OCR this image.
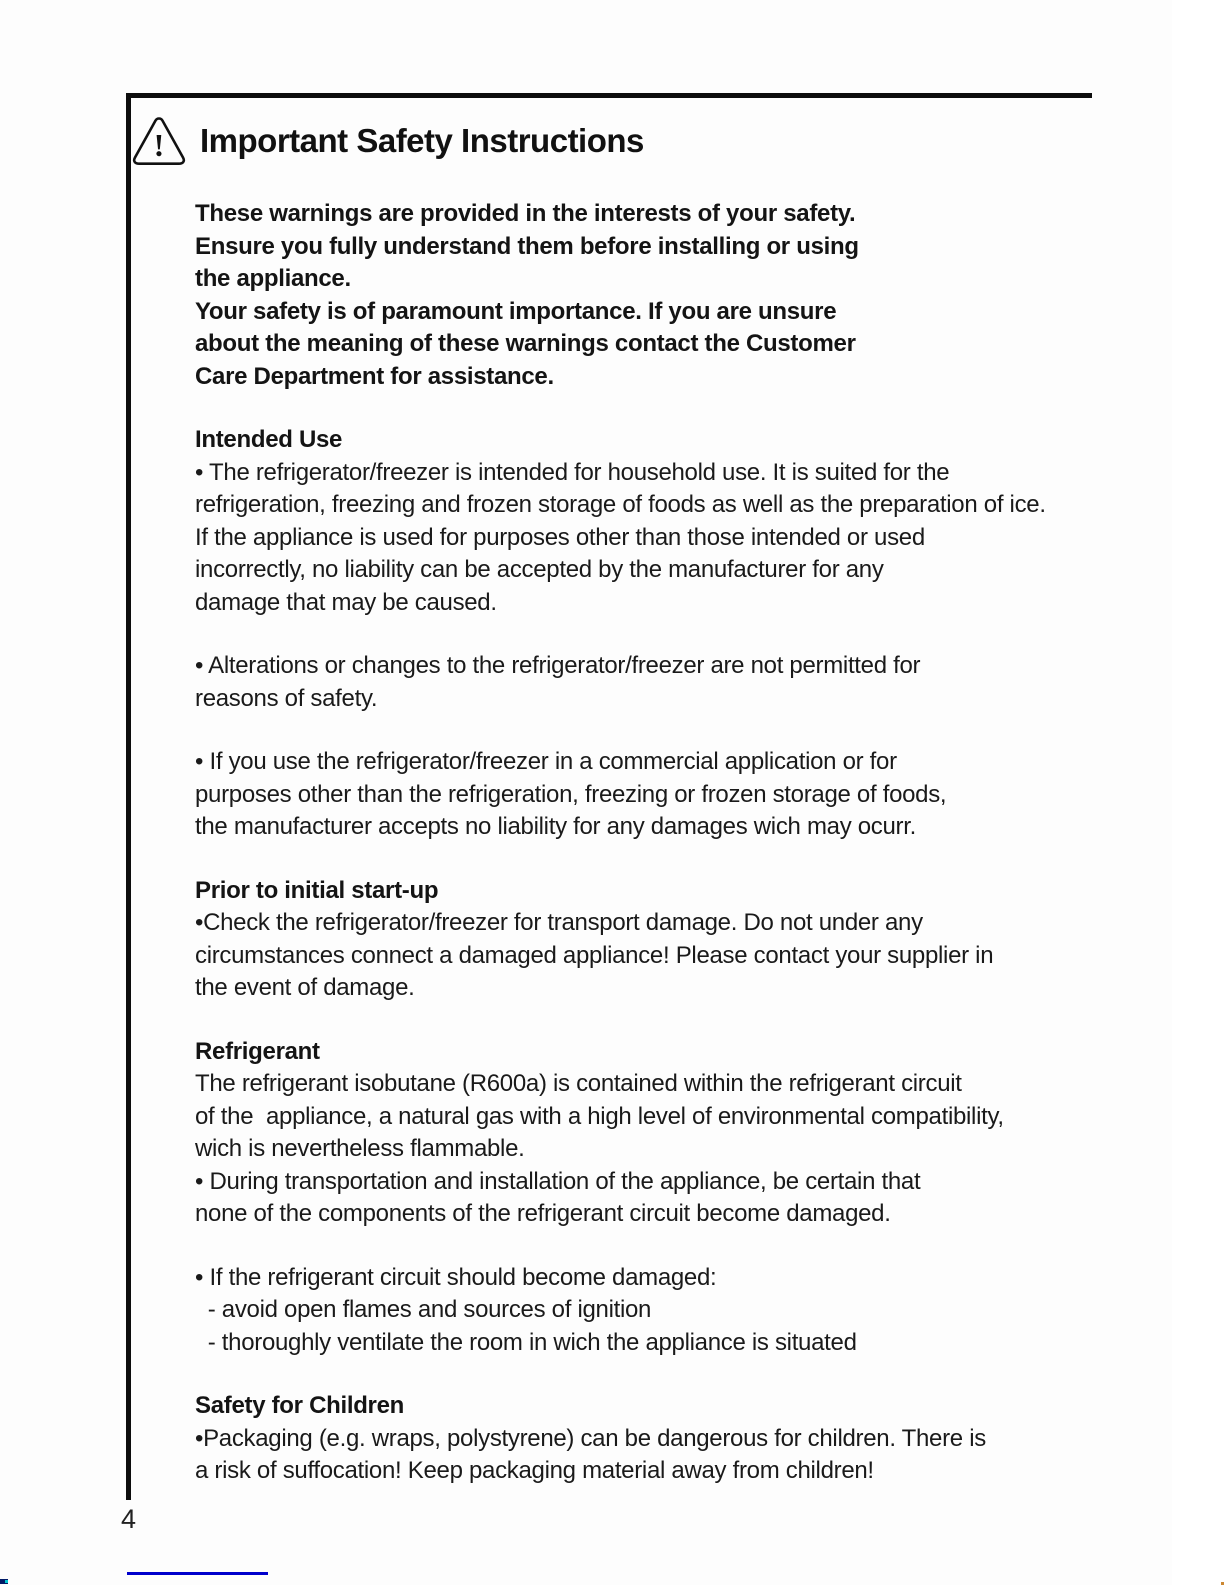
! Important Safety Instructions
These warnings are provided in the interests of your safety.
Ensure you fully understand them before installing or using
the appliance.
Your safety is of paramount importance. If you are unsure
about the meaning of these warnings contact the Customer
Care Department for assistance.
Intended Use
• The refrigerator/freezer is intended for household use. It is suited for the
refrigeration, freezing and frozen storage of foods as well as the preparation of ice.
If the appliance is used for purposes other than those intended or used
incorrectly, no liability can be accepted by the manufacturer for any
damage that may be caused.
• Alterations or changes to the refrigerator/freezer are not permitted for
reasons of safety.
• If you use the refrigerator/freezer in a commercial application or for
purposes other than the refrigeration, freezing or frozen storage of foods,
the manufacturer accepts no liability for any damages wich may ocurr.
Prior to initial start-up
•Check the refrigerator/freezer for transport damage. Do not under any
circumstances connect a damaged appliance! Please contact your supplier in
the event of damage.
Refrigerant
The refrigerant isobutane (R600a) is contained within the refrigerant circuit
of the  appliance, a natural gas with a high level of environmental compatibility,
wich is nevertheless flammable.
• During transportation and installation of the appliance, be certain that
none of the components of the refrigerant circuit become damaged.
• If the refrigerant circuit should become damaged:
- avoid open flames and sources of ignition
- thoroughly ventilate the room in wich the appliance is situated
Safety for Children
•Packaging (e.g. wraps, polystyrene) can be dangerous for children. There is
a risk of suffocation! Keep packaging material away from children!
4
